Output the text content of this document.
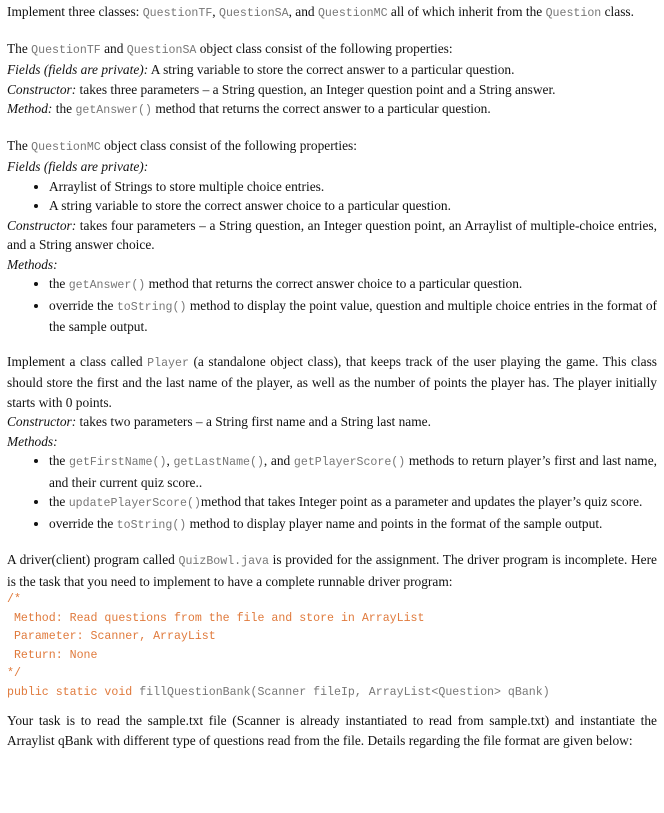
Implement three classes: QuestionTF, QuestionSA, and QuestionMC all of which inherit from the Question class.

The QuestionTF and QuestionSA object class consist of the following properties:

Fields (fields are private): A string variable to store the correct answer to a particular question.

Constructor: takes three parameters – a String question, an Integer question point and a String answer.

Method: the getAnswer() method that returns the correct answer to a particular question.

The QuestionMC object class consist of the following properties:

Fields (fields are private):

• Arraylist of Strings to store multiple choice entries.
• A string variable to store the correct answer choice to a particular question.

Constructor: takes four parameters – a String question, an Integer question point, an Arraylist of multiple-choice entries, and a String answer choice.

Methods:

• the getAnswer() method that returns the correct answer choice to a particular question.
• override the toString() method to display the point value, question and multiple choice entries in the format of the sample output.

Implement a class called Player (a standalone object class), that keeps track of the user playing the game. This class should store the first and the last name of the player, as well as the number of points the player has. The player initially starts with 0 points.

Constructor: takes two parameters – a String first name and a String last name.

Methods:

• the getFirstName(), getLastName(), and getPlayerScore() methods to return player’s first and last name, and their current quiz score..
• the updatePlayerScore()method that takes Integer point as a parameter and updates the player’s quiz score.
• override the toString() method to display player name and points in the format of the sample output.

A driver(client) program called QuizBowl.java is provided for the assignment. The driver program is incomplete. Here is the task that you need to implement to have a complete runnable driver program:

/*
Method: Read questions from the file and store in ArrayList
Parameter: Scanner, ArrayList
Return: None
*/
public static void fillQuestionBank(Scanner fileIp, ArrayList<Question> qBank)

Your task is to read the sample.txt file (Scanner is already instantiated to read from sample.txt) and instantiate the Arraylist qBank with different type of questions read from the file. Details regarding the file format are given below:
